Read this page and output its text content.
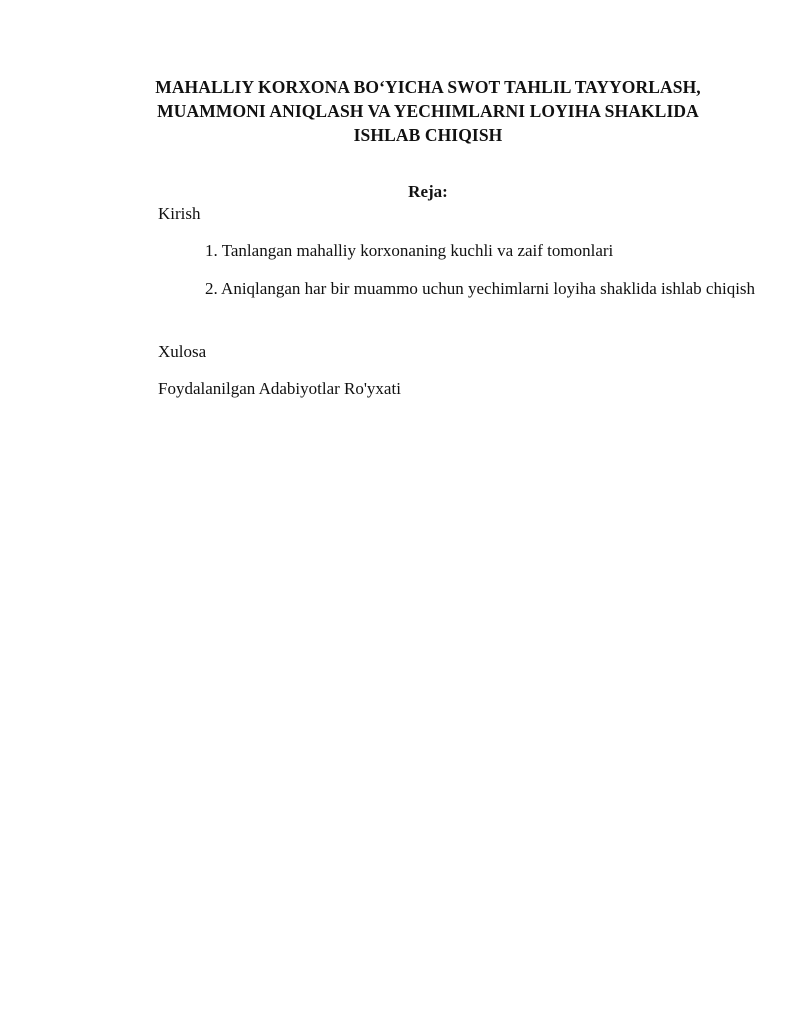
MAHALLIY KORXONA BO‘YICHA SWOT TAHLIL TAYYORLASH,
MUAMMONI ANIQLASH VA YECHIMLARNI LOYIHA SHAKLIDA
ISHLAB CHIQISH

Reja:

Kirish

1. Tanlangan mahalliy korxonaning kuchli va zaif tomonlari

2. Aniqlangan har bir muammo uchun yechimlarni loyiha shaklida ishlab chiqish

Xulosa

Foydalanilgan Adabiyotlar Ro'yxati
